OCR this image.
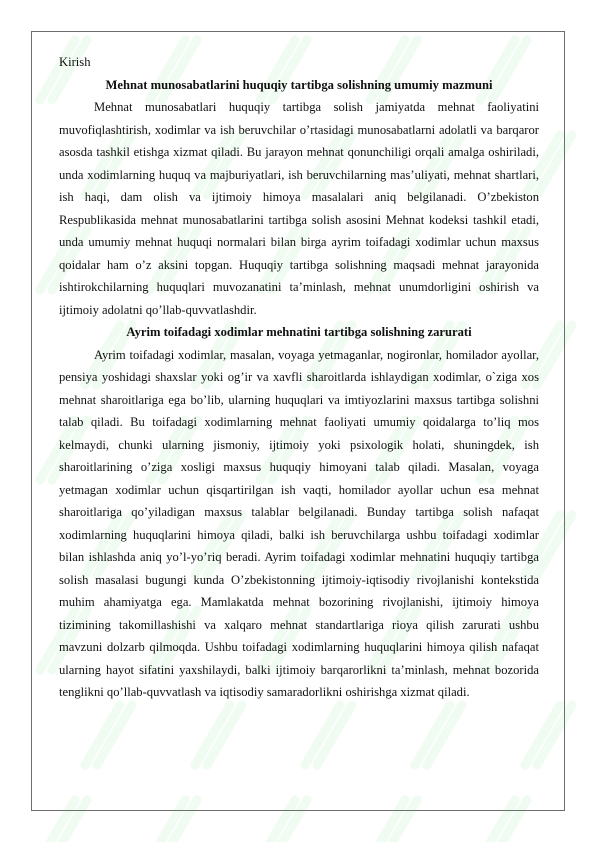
Kirish

Mehnat munosabatlarini huquqiy tartibga solishning umumiy mazmuni

Mehnat munosabatlari huquqiy tartibga solish jamiyatda mehnat faoliyatini muvofiqlashtirish, xodimlar va ish beruvchilar o’rtasidagi munosabatlarni adolatli va barqaror asosda tashkil etishga xizmat qiladi. Bu jarayon mehnat qonunchiligi orqali amalga oshiriladi, unda xodimlarning huquq va majburiyatlari, ish beruvchilarning mas’uliyati, mehnat shartlari, ish haqi, dam olish va ijtimoiy himoya masalalari aniq belgilanadi. O’zbekiston Respublikasida mehnat munosabatlarini tartibga solish asosini Mehnat kodeksi tashkil etadi, unda umumiy mehnat huquqi normalari bilan birga ayrim toifadagi xodimlar uchun maxsus qoidalar ham o’z aksini topgan. Huquqiy tartibga solishning maqsadi mehnat jarayonida ishtirokchilarning huquqlari muvozanatini ta’minlash, mehnat unumdorligini oshirish va ijtimoiy adolatni qo’llab-quvvatlashdir.

Ayrim toifadagi xodimlar mehnatini tartibga solishning zarurati

Ayrim toifadagi xodimlar, masalan, voyaga yetmaganlar, nogironlar, homilador ayollar, pensiya yoshidagi shaxslar yoki og’ir va xavfli sharoitlarda ishlaydigan xodimlar, o`ziga xos mehnat sharoitlariga ega bo’lib, ularning huquqlari va imtiyozlarini maxsus tartibga solishni talab qiladi. Bu toifadagi xodimlarning mehnat faoliyati umumiy qoidalarga to’liq mos kelmaydi, chunki ularning jismoniy, ijtimoiy yoki psixologik holati, shuningdek, ish sharoitlarining o’ziga xosligi maxsus huquqiy himoyani talab qiladi. Masalan, voyaga yetmagan xodimlar uchun qisqartirilgan ish vaqti, homilador ayollar uchun esa mehnat sharoitlariga qo’yiladigan maxsus talablar belgilanadi. Bunday tartibga solish nafaqat xodimlarning huquqlarini himoya qiladi, balki ish beruvchilarga ushbu toifadagi xodimlar bilan ishlashda aniq yo’l-yo’riq beradi. Ayrim toifadagi xodimlar mehnatini huquqiy tartibga solish masalasi bugungi kunda O’zbekistonning ijtimoiy-iqtisodiy rivojlanishi kontekstida muhim ahamiyatga ega. Mamlakatda mehnat bozorining rivojlanishi, ijtimoiy himoya tizimining takomillashishi va xalqaro mehnat standartlariga rioya qilish zarurati ushbu mavzuni dolzarb qilmoqda. Ushbu toifadagi xodimlarning huquqlarini himoya qilish nafaqat ularning hayot sifatini yaxshilaydi, balki ijtimoiy barqarorlikni ta’minlash, mehnat bozorida tenglikni qo’llab-quvvatlash va iqtisodiy samaradorlikni oshirishga xizmat qiladi.
